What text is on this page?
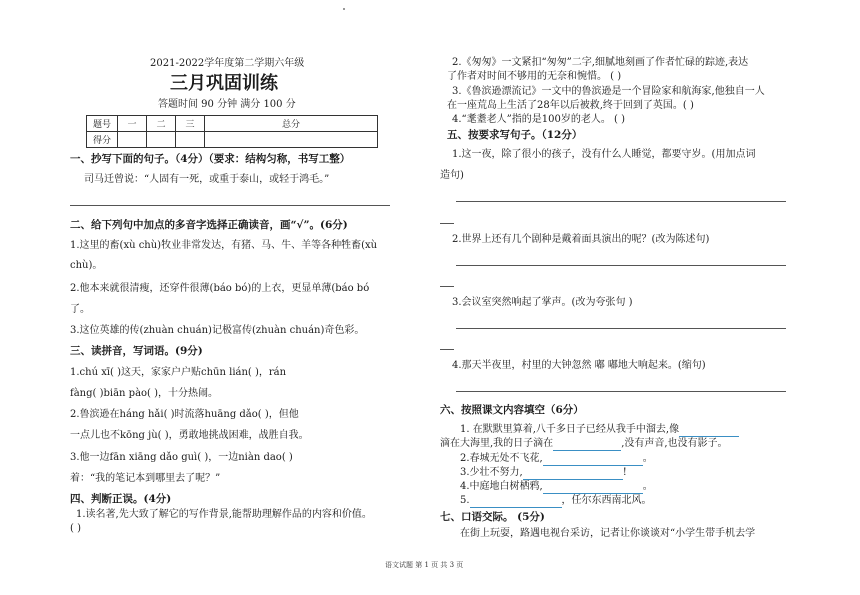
2021-2022学年度第二学期六年级
三月巩固训练
答题时间 90 分钟 满分 100 分
题号	一	二	三	总分
得分				
一、抄写下面的句子。（4分）（要求：结构匀称，书写工整）
司马迁曾说：“人固有一死，或重于泰山，或轻于鸿毛。”
二、给下列句中加点的多音字选择正确读音，画“√”。(6分)
1.这里的畜(xù chù)牧业非常发达，有猪、马、牛、羊等各种牲畜(xù
chù)。
2.他本来就很清瘦，还穿件很薄(báo bó)的上衣，更显单薄(báo bó
了。
3.这位英雄的传(zhuàn chuán)记极富传(zhuàn chuán)奇色彩。
三、读拼音，写词语。(9分)
1.chú xī( )这天，家家户户贴chūn lián( )，rán
fàng( )biān pào( )，十分热闹。
2.鲁滨逊在háng hǎi( )时流落huāng dǎo( )，但他
一点儿也不kōng jù( )，勇敢地挑战困难，战胜自我。
3.他一边fān xiāng dǎo guì( )，一边niàn dao( )
着：“我的笔记本到哪里去了呢？”
四、判断正误。(4分)
1.读名著,先大致了解它的写作背景,能帮助理解作品的内容和价值。
( )
2.《匆匆》一文紧扣“匆匆”二字,细腻地刻画了作者忙碌的踪迹,表达
了作者对时间不够用的无奈和惋惜。 ( )
3.《鲁滨逊漂流记》一文中的鲁滨逊是一个冒险家和航海家,他独自一人
在一座荒岛上生活了28年以后被救,终于回到了英国。( )
4.“耄耋老人”指的是100岁的老人。 ( )
五、按要求写句子。（12分）
1.这一夜，除了很小的孩子，没有什么人睡觉，都要守岁。(用加点词
造句)
2.世界上还有几个剧种是戴着面具演出的呢？(改为陈述句)
3.会议室突然响起了掌声。(改为夸张句 )
4.那天半夜里，村里的大钟忽然 嘟 嘟地大响起来。(缩句)
六、按照课文内容填空（6分）
1. 在默默里算着,八千多日子已经从我手中溜去,像
滴在大海里,我的日子滴在	,没有声音,也没有影子。
2.春城无处不飞花,	。
3.少壮不努力,	!
4.中庭地白树栖鸦,	。
5.	，任尔东西南北风。
七、口语交际。 (5分)
在街上玩耍，路遇电视台采访，记者让你谈谈对“小学生带手机去学
语文试题 第 1 页 共 3 页
